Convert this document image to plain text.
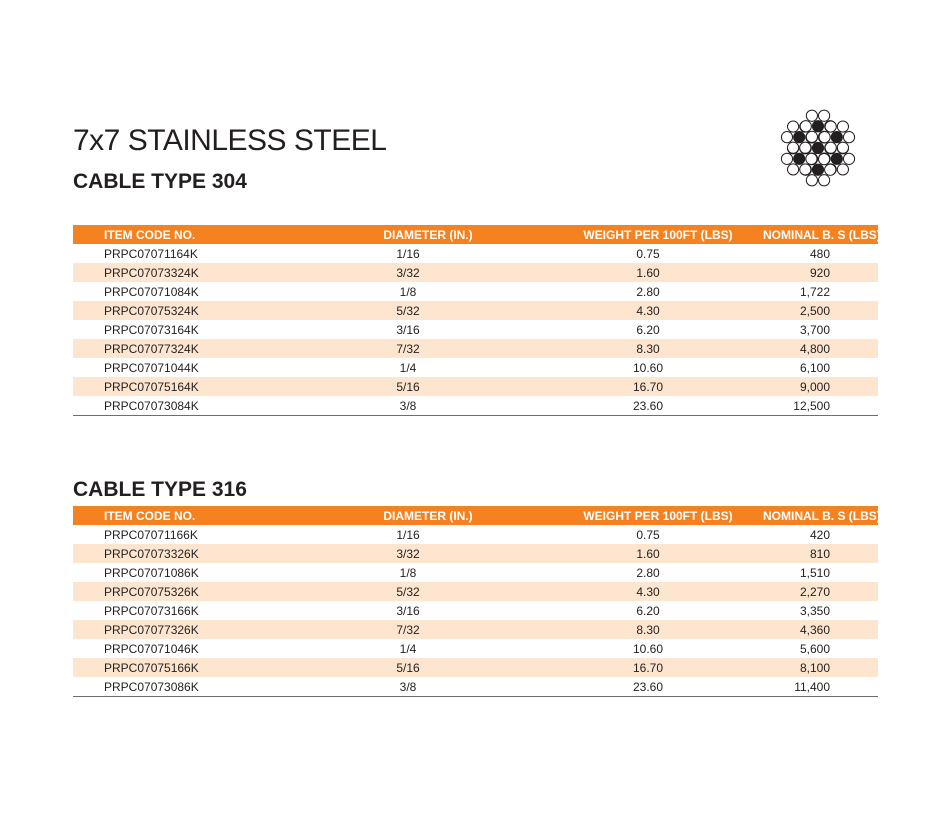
7x7 STAINLESS STEEL
CABLE TYPE 304
ITEM CODE NO.	DIAMETER (IN.)	WEIGHT PER 100FT (LBS)	NOMINAL B. S (LBS)
PRPC07071164K	1/16	0.75	480
PRPC07073324K	3/32	1.60	920
PRPC07071084K	1/8	2.80	1,722
PRPC07075324K	5/32	4.30	2,500
PRPC07073164K	3/16	6.20	3,700
PRPC07077324K	7/32	8.30	4,800
PRPC07071044K	1/4	10.60	6,100
PRPC07075164K	5/16	16.70	9,000
PRPC07073084K	3/8	23.60	12,500
CABLE TYPE 316
ITEM CODE NO.	DIAMETER (IN.)	WEIGHT PER 100FT (LBS)	NOMINAL B. S (LBS)
PRPC07071166K	1/16	0.75	420
PRPC07073326K	3/32	1.60	810
PRPC07071086K	1/8	2.80	1,510
PRPC07075326K	5/32	4.30	2,270
PRPC07073166K	3/16	6.20	3,350
PRPC07077326K	7/32	8.30	4,360
PRPC07071046K	1/4	10.60	5,600
PRPC07075166K	5/16	16.70	8,100
PRPC07073086K	3/8	23.60	11,400
